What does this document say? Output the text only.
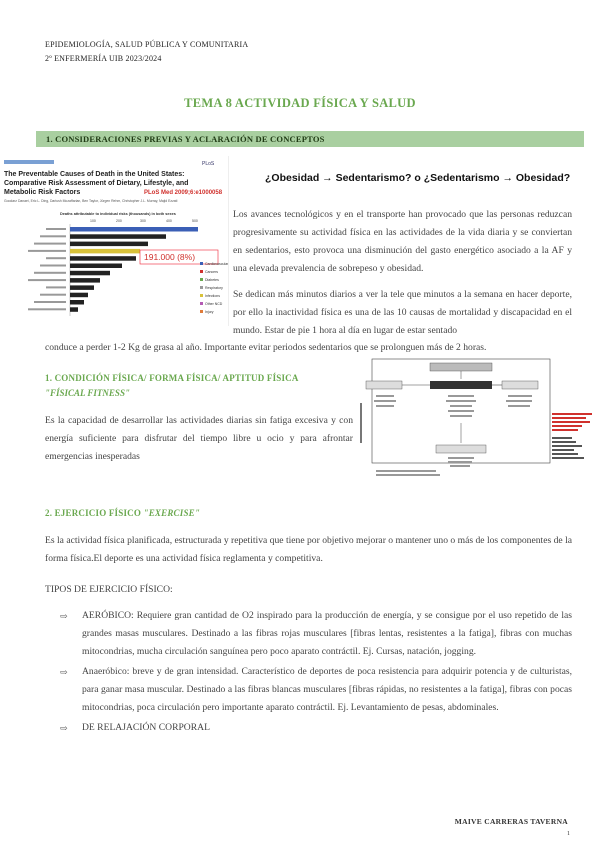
EPIDEMIOLOGÍA, SALUD PÚBLICA Y COMUNITARIA
2º ENFERMERÍA UIB 2023/2024
TEMA 8 ACTIVIDAD FÍSICA Y SALUD
1. CONSIDERACIONES PREVIAS Y ACLARACIÓN DE CONCEPTOS
PLoS
The Preventable Causes of Death in the United States:
Comparative Risk Assessment of Dietary, Lifestyle, and
Metabolic Risk Factors	PLoS Med 2009;6:e1000058
Goodarz Danaei, Eric L. Ding, Dariush Mozaffarian, Ben Taylor, Jürgen Rehm, Christopher J.L. Murray, Majid Ezzati
Deaths attributable to individual risks (thousands) in both sexes
100	200	300	400	500
191.000 (8%)
Cardiovascular
Cancers
Diabetes
Respiratory
Infections
Other NCD
Injury
¿Obesidad → Sedentarismo? o ¿Sedentarismo → Obesidad?
Los avances tecnológicos y en el transporte han provocado que las personas reduzcan progresivamente su actividad física en las actividades de la vida diaria y se conviertan en sedentarios, esto provoca una disminución del gasto energético asociado a la AF y una elevada prevalencia de sobrepeso y obesidad.
Se dedican más minutos diarios a ver la tele que minutos a la semana en hacer deporte, por ello la inactividad física es una de las 10 causas de mortalidad y discapacidad en el mundo. Estar de pie 1 hora al día en lugar de estar sentado
conduce a perder 1-2 Kg de grasa al año. Importante evitar periodos sedentarios que se prolonguen más de 2 horas.
1. CONDICIÓN FÍSICA/ FORMA FÍSICA/ APTITUD FÍSICA
"FÍSICAL FITNESS"
Es la capacidad de desarrollar las actividades diarias sin fatiga excesiva y con energía suficiente para disfrutar del tiempo libre u ocio y para afrontar emergencias inesperadas
2. EJERCICIO FÍSICO "EXERCISE"
Es la actividad física planificada, estructurada y repetitiva que tiene por objetivo mejorar o mantener uno o más de los componentes de la forma física.El deporte es una actividad física reglamenta y competitiva.
TIPOS DE EJERCICIO FÍSICO:
⇨ AERÓBICO: Requiere gran cantidad de O2 inspirado para la producción de energía, y se consigue por el uso repetido de las grandes masas musculares. Destinado a las fibras rojas musculares [fibras lentas, resistentes a la fatiga], fibras con muchas mitocondrias, mucha circulación sanguínea pero poco aparato contráctil. Ej. Cursas, natación, jogging.
⇨ Anaeróbico: breve y de gran intensidad. Característico de deportes de poca resistencia para adquirir potencia y de culturistas, para ganar masa muscular. Destinado a las fibras blancas musculares [fibras rápidas, no resistentes a la fatiga], fibras con pocas mitocondrias, poca circulación pero importante aparato contráctil. Ej. Levantamiento de pesas, abdominales.
⇨ DE RELAJACIÓN CORPORAL
MAIVE CARRERAS TAVERNA
1
